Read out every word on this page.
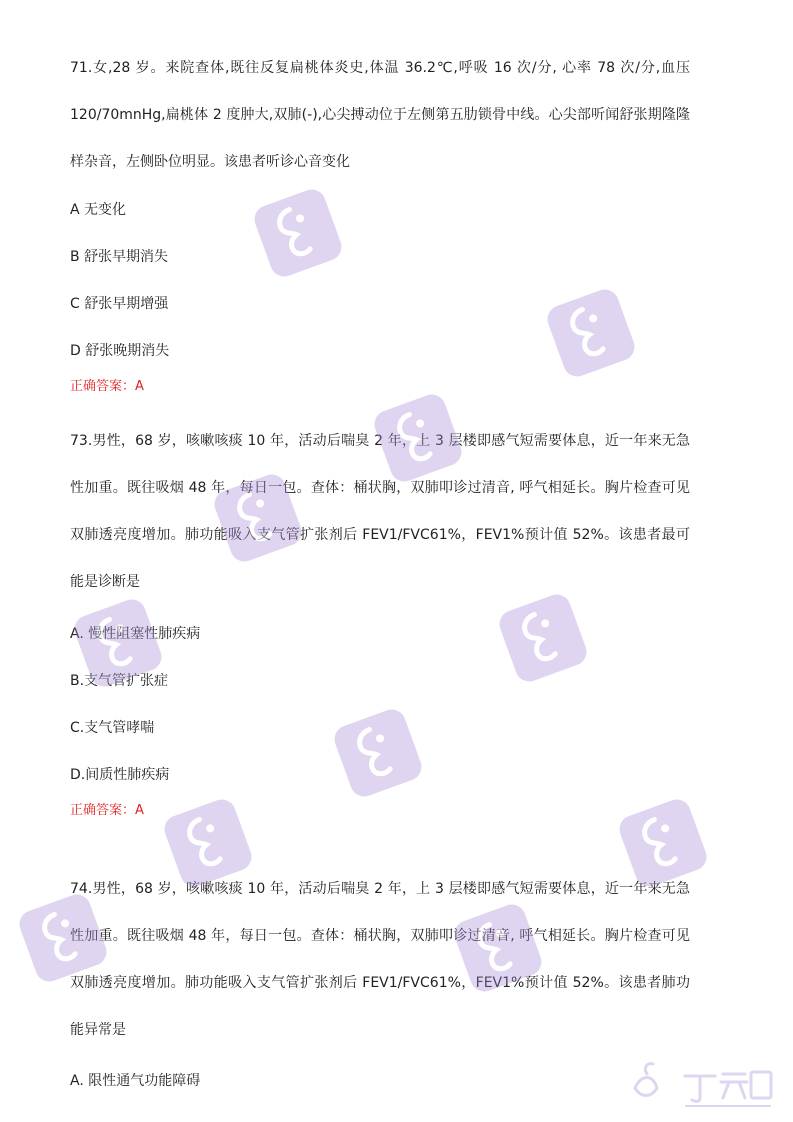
71.女,28 岁。来院查体,既往反复扁桃体炎史,体温 36.2℃,呼吸 16 次/分, 心率 78 次/分,血压 120/70mnHg,扁桃体 2 度肿大,双肺(-),心尖搏动位于左侧第五肋锁骨中线。心尖部听闻舒张期隆隆样杂音，左侧卧位明显。该患者听诊心音变化

A 无变化

B 舒张早期消失

C 舒张早期增强

D 舒张晚期消失

正确答案：A

73.男性，68 岁，咳嗽咳痰 10 年，活动后喘臭 2 年，上 3 层楼即感气短需要体息，近一年来无急性加重。既往吸烟 48 年，每日一包。查体：桶状胸，双肺叩诊过清音, 呼气相延长。胸片检查可见双肺透亮度增加。肺功能吸入支气管扩张剂后 FEV1/FVC61%，FEV1%预计值 52%。该患者最可能是诊断是

A. 慢性阻塞性肺疾病

B.支气管扩张症

C.支气管哮喘

D.间质性肺疾病

正确答案：A

74.男性，68 岁，咳嗽咳痰 10 年，活动后喘臭 2 年，上 3 层楼即感气短需要体息，近一年来无急性加重。既往吸烟 48 年，每日一包。查体：桶状胸，双肺叩诊过清音, 呼气相延长。胸片检查可见双肺透亮度增加。肺功能吸入支气管扩张剂后 FEV1/FVC61%，FEV1%预计值 52%。该患者肺功能异常是

A. 限性通气功能障碍
